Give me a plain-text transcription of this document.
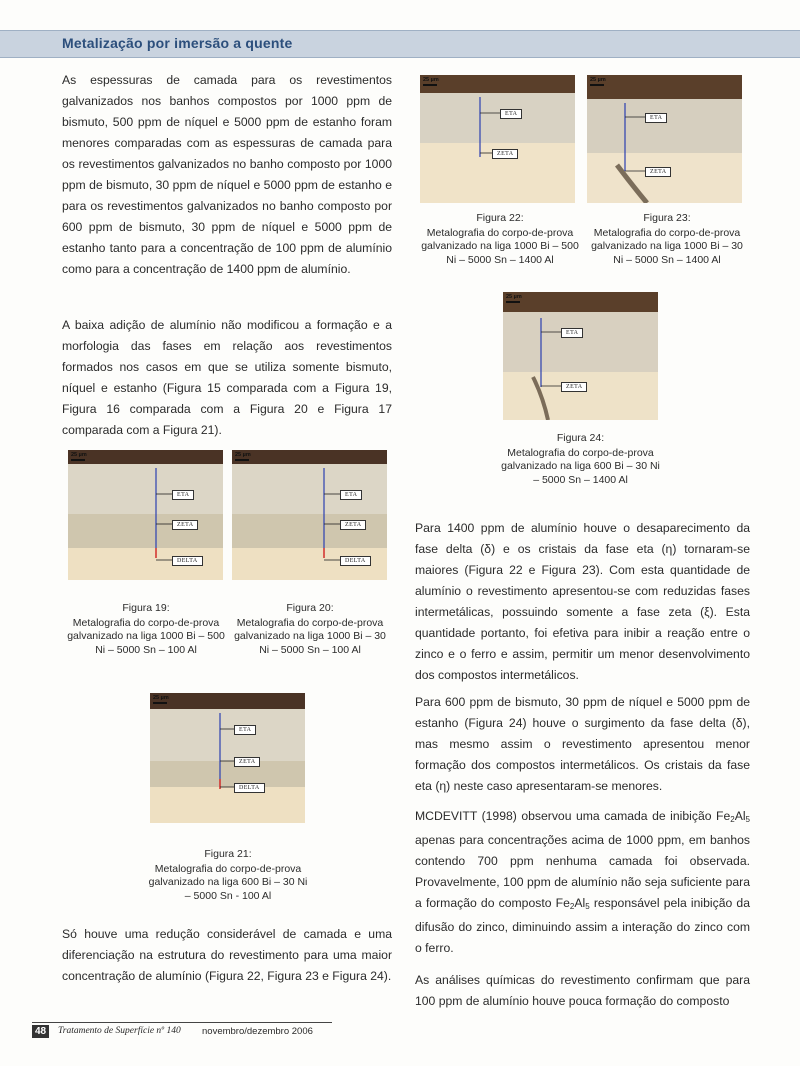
Metalização por imersão a quente

As espessuras de camada para os revestimentos galvanizados nos banhos compostos por 1000 ppm de bismuto, 500 ppm de níquel e 5000 ppm de estanho foram menores comparadas com as espessuras de camada para os revestimentos galvanizados no banho composto por 1000 ppm de bismuto, 30 ppm de níquel e 5000 ppm de estanho e para os revestimentos galvanizados no banho composto por 600 ppm de bismuto, 30 ppm de níquel e 5000 ppm de estanho tanto para a concentração de 100 ppm de alumínio como para a concentração de 1400 ppm de alumínio.

A baixa adição de alumínio não modificou a formação e a morfologia das fases em relação aos revestimentos formados nos casos em que se utiliza somente bismuto, níquel e estanho (Figura 15 comparada com a Figura 19, Figura 16 comparada com a Figura 20 e Figura 17 comparada com a Figura 21).

Só houve uma redução considerável de camada e uma diferenciação na estrutura do revestimento para uma maior concentração de alumínio (Figura 22, Figura 23 e Figura 24).

Para 1400 ppm de alumínio houve o desaparecimento da fase delta (δ) e os cristais da fase eta (η) tornaram-se maiores (Figura 22 e Figura 23). Com esta quantidade de alumínio o revestimento apresentou-se com reduzidas fases intermetálicas, possuindo somente a fase zeta (ξ). Esta quantidade portanto, foi efetiva para inibir a reação entre o zinco e o ferro e assim, permitir um menor desenvolvimento dos compostos intermetálicos.

Para 600 ppm de bismuto, 30 ppm de níquel e 5000 ppm de estanho (Figura 24) houve o surgimento da fase delta (δ), mas mesmo assim o revestimento apresentou menor formação dos compostos intermetálicos. Os cristais da fase eta (η) neste caso apresentaram-se menores.

MCDEVITT (1998) observou uma camada de inibição $Fe_2Al_5$ apenas para concentrações acima de 1000 ppm, em banhos contendo 700 ppm nenhuma camada foi observada. Provavelmente, 100 ppm de alumínio não seja suficiente para a formação do composto $Fe_2Al_5$ responsável pela inibição da difusão do zinco, diminuindo assim a interação do zinco com o ferro.

As análises químicas do revestimento confirmam que para 100 ppm de alumínio houve pouca formação do composto

25 µm
ETA
ZETA
Figura 22:
Metalografia do corpo-de-prova galvanizado na liga 1000 Bi – 500 Ni – 5000 Sn – 1400 Al
25 µm
ETA
ZETA
Figura 23:
Metalografia do corpo-de-prova galvanizado na liga 1000 Bi – 30 Ni – 5000 Sn – 1400 Al
25 µm
ETA
ZETA
Figura 24:
Metalografia do corpo-de-prova galvanizado na liga 600 Bi – 30 Ni – 5000 Sn – 1400 Al
25 µm
ETA
ZETA
DELTA
Figura 19:
Metalografia do corpo-de-prova galvanizado na liga 1000 Bi – 500 Ni – 5000 Sn – 100 Al
25 µm
ETA
ZETA
DELTA
Figura 20:
Metalografia do corpo-de-prova galvanizado na liga 1000 Bi – 30 Ni – 5000 Sn – 100 Al
25 µm
ETA
ZETA
DELTA
Figura 21:
Metalografia do corpo-de-prova galvanizado na liga 600 Bi – 30 Ni – 5000 Sn - 100 Al
48	Tratamento de Superfície nº 140 novembro/dezembro 2006
